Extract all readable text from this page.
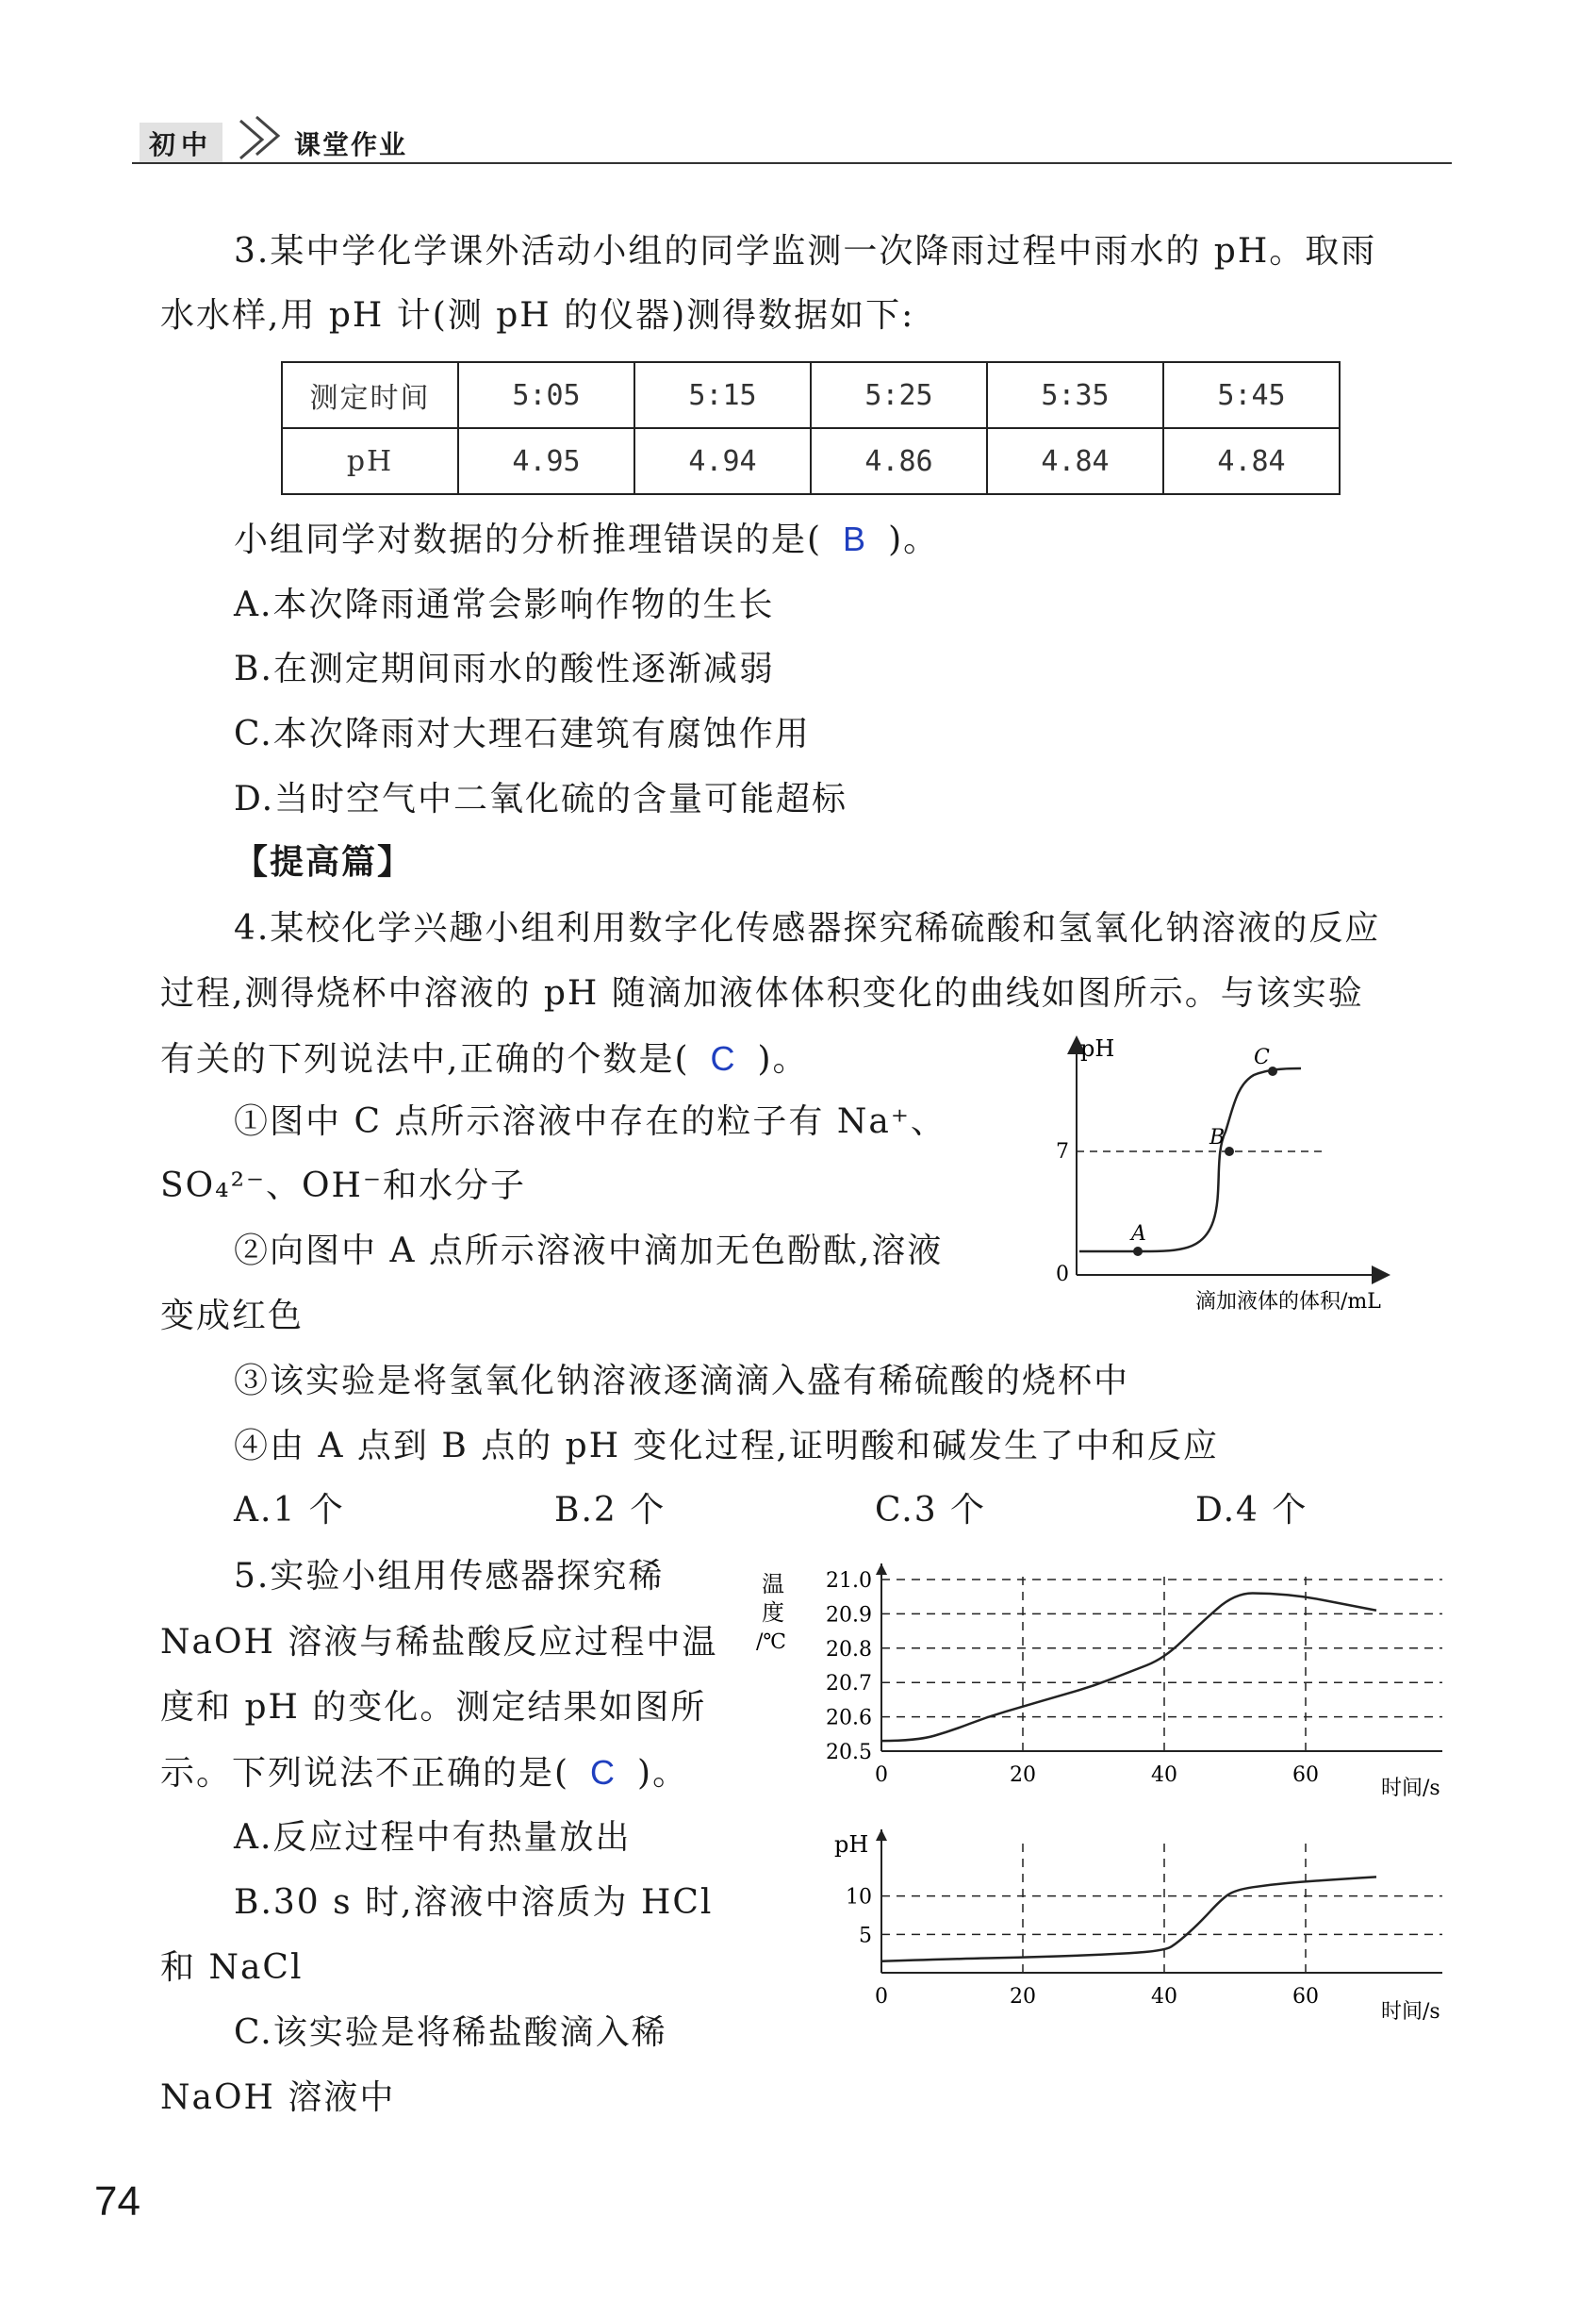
初中	课堂作业
3.某中学化学课外活动小组的同学监测一次降雨过程中雨水的 pH。取雨
水水样,用 pH 计(测 pH 的仪器)测得数据如下:
测定时间	5:05	5:15	5:25	5:35	5:45
pH	4.95	4.94	4.86	4.84	4.84
小组同学对数据的分析推理错误的是( B )。
A.本次降雨通常会影响作物的生长
B.在测定期间雨水的酸性逐渐减弱
C.本次降雨对大理石建筑有腐蚀作用
D.当时空气中二氧化硫的含量可能超标
【提高篇】
4.某校化学兴趣小组利用数字化传感器探究稀硫酸和氢氧化钠溶液的反应
过程,测得烧杯中溶液的 pH 随滴加液体体积变化的曲线如图所示。与该实验
有关的下列说法中,正确的个数是( C )。
①图中 C 点所示溶液中存在的粒子有 Na⁺、
SO₄²⁻、OH⁻和水分子
②向图中 A 点所示溶液中滴加无色酚酞,溶液
变成红色
③该实验是将氢氧化钠溶液逐滴滴入盛有稀硫酸的烧杯中
④由 A 点到 B 点的 pH 变化过程,证明酸和碱发生了中和反应
A.1 个	B.2 个	C.3 个	D.4 个
pH
0
7
滴加液体的体积/mL
A
B
C
5.实验小组用传感器探究稀
NaOH 溶液与稀盐酸反应过程中温
度和 pH 的变化。测定结果如图所
示。下列说法不正确的是( C )。
A.反应过程中有热量放出
B.30 s 时,溶液中溶质为 HCl
和 NaCl
C.该实验是将稀盐酸滴入稀
NaOH 溶液中
20.5
20.6
20.7
20.8
20.9
21.0
0	20	40	60
温
度
/℃
时间/s
5
10
0	20	40	60
pH
时间/s
74
